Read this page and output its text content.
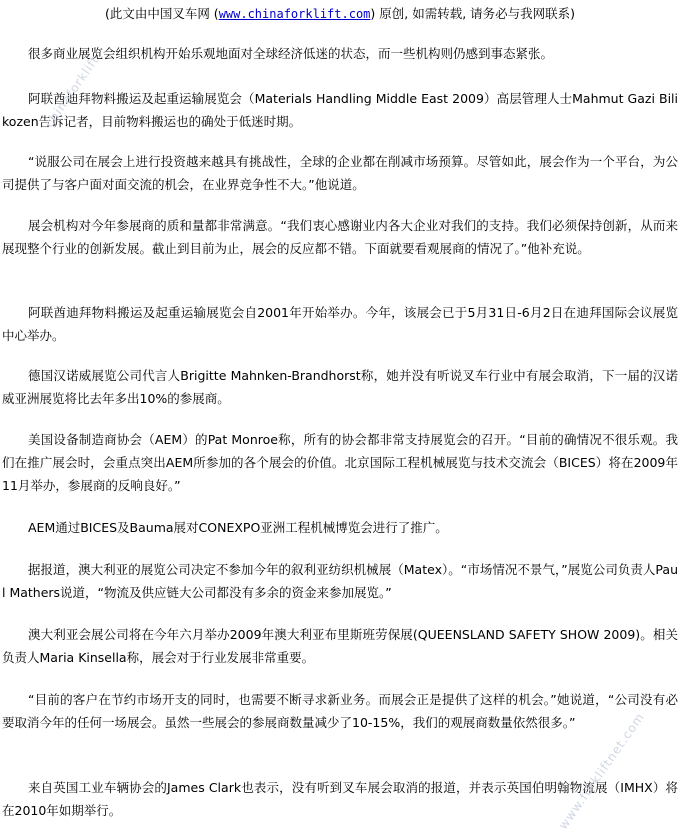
(此文由中国叉车网 (www.chinaforklift.com) 原创, 如需转载, 请务必与我网联系)

很多商业展览会组织机构开始乐观地面对全球经济低迷的状态，而一些机构则仍感到事态紧张。

阿联酋迪拜物料搬运及起重运输展览会（Materials Handling Middle East 2009）高层管理人士Mahmut Gazi Bilikozen告诉记者，目前物料搬运也的确处于低迷时期。

“说服公司在展会上进行投资越来越具有挑战性，全球的企业都在削减市场预算。尽管如此，展会作为一个平台，为公司提供了与客户面对面交流的机会，在业界竞争性不大。”他说道。

展会机构对今年参展商的质和量都非常满意。“我们衷心感谢业内各大企业对我们的支持。我们必须保持创新，从而来展现整个行业的创新发展。截止到目前为止，展会的反应都不错。下面就要看观展商的情况了。”他补充说。

阿联酋迪拜物料搬运及起重运输展览会自2001年开始举办。今年，该展会已于5月31日-6月2日在迪拜国际会议展览中心举办。

德国汉诺威展览公司代言人Brigitte Mahnken-Brandhorst称，她并没有听说叉车行业中有展会取消，下一届的汉诺威亚洲展览将比去年多出10%的参展商。

美国设备制造商协会（AEM）的Pat Monroe称，所有的协会都非常支持展览会的召开。“目前的确情况不很乐观。我们在推广展会时，会重点突出AEM所参加的各个展会的价值。北京国际工程机械展览与技术交流会（BICES）将在2009年11月举办，参展商的反响良好。”

AEM通过BICES及Bauma展对CONEXPO亚洲工程机械博览会进行了推广。

据报道，澳大利亚的展览公司决定不参加今年的叙利亚纺织机械展（Matex）。“市场情况不景气，”展览公司负责人Paul Mathers说道，“物流及供应链大公司都没有多余的资金来参加展览。”

澳大利亚会展公司将在今年六月举办2009年澳大利亚布里斯班劳保展(QUEENSLAND SAFETY SHOW 2009)。相关负责人Maria Kinsella称，展会对于行业发展非常重要。

“目前的客户在节约市场开支的同时，也需要不断寻求新业务。而展会正是提供了这样的机会。”她说道，“公司没有必要取消今年的任何一场展会。虽然一些展会的参展商数量减少了10-15%，我们的观展商数量依然很多。”

来自英国工业车辆协会的James Clark也表示，没有听到叉车展会取消的报道，并表示英国伯明翰物流展（IMHX）将在2010年如期举行。

chinaforklift
www.forkliftnet.com
